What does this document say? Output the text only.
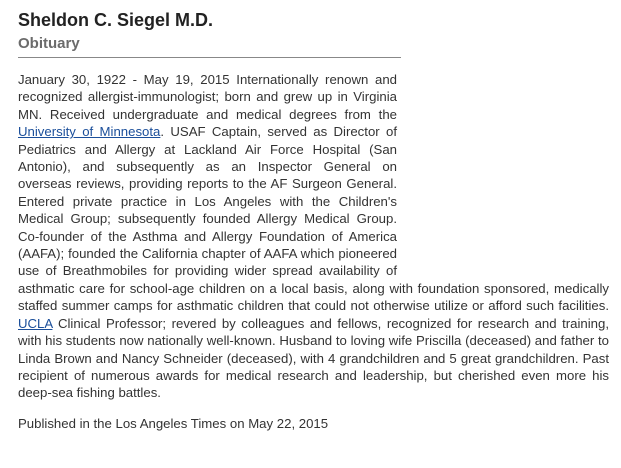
Sheldon C. Siegel M.D.
Obituary

January 30, 1922 - May 19, 2015 Internationally renown and recognized allergist-immunologist; born and grew up in Virginia MN. Received undergraduate and medical degrees from the University of Minnesota. USAF Captain, served as Director of Pediatrics and Allergy at Lackland Air Force Hospital (San Antonio), and subsequently as an Inspector General on overseas reviews, providing reports to the AF Surgeon General. Entered private practice in Los Angeles with the Children's Medical Group; subsequently founded Allergy Medical Group. Co-founder of the Asthma and Allergy Foundation of America (AAFA); founded the California chapter of AAFA which pioneered use of Breathmobiles for providing wider spread availability of asthmatic care for school-age children on a local basis, along with foundation sponsored, medically staffed summer camps for asthmatic children that could not otherwise utilize or afford such facilities. UCLA Clinical Professor; revered by colleagues and fellows, recognized for research and training, with his students now nationally well-known. Husband to loving wife Priscilla (deceased) and father to Linda Brown and Nancy Schneider (deceased), with 4 grandchildren and 5 great grandchildren. Past recipient of numerous awards for medical research and leadership, but cherished even more his deep-sea fishing battles.

Published in the Los Angeles Times on May 22, 2015
